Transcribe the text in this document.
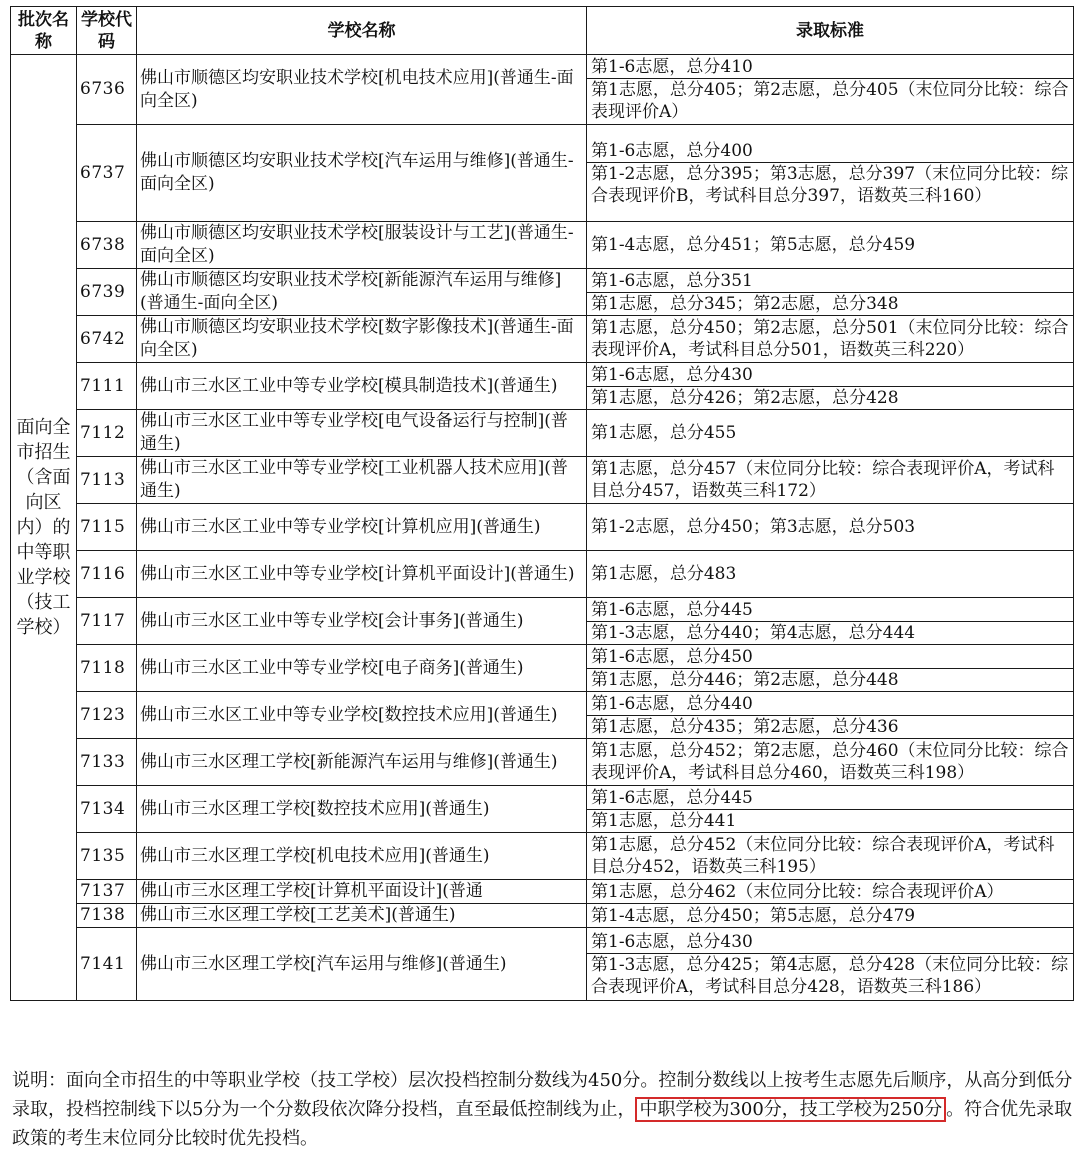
批次名称	学校代码	学校名称	录取标准
面向全市招生（含面向区内）的中等职业学校（技工学校）	6736	佛山市顺德区均安职业技术学校[机电技术应用](普通生-面向全区)	第1-6志愿，总分410
第1志愿，总分405；第2志愿，总分405（末位同分比较：综合表现评价A）

	6737	佛山市顺德区均安职业技术学校[汽车运用与维修](普通生-面向全区)	第1-6志愿，总分400
第1-2志愿，总分395；第3志愿，总分397（末位同分比较：综合表现评价B，考试科目总分397，语数英三科160）

	6738	佛山市顺德区均安职业技术学校[服装设计与工艺](普通生-面向全区)	第1-4志愿，总分451；第5志愿，总分459

	6739	佛山市顺德区均安职业技术学校[新能源汽车运用与维修](普通生-面向全区)	第1-6志愿，总分351
第1志愿，总分345；第2志愿，总分348

	6742	佛山市顺德区均安职业技术学校[数字影像技术](普通生-面向全区)	第1志愿，总分450；第2志愿，总分501（末位同分比较：综合表现评价A，考试科目总分501，语数英三科220）

	7111	佛山市三水区工业中等专业学校[模具制造技术](普通生)	第1-6志愿，总分430
第1志愿，总分426；第2志愿，总分428

	7112	佛山市三水区工业中等专业学校[电气设备运行与控制](普通生)	第1志愿，总分455

	7113	佛山市三水区工业中等专业学校[工业机器人技术应用](普通生)	第1志愿，总分457（末位同分比较：综合表现评价A，考试科目总分457，语数英三科172）

	7115	佛山市三水区工业中等专业学校[计算机应用](普通生)	第1-2志愿，总分450；第3志愿，总分503

	7116	佛山市三水区工业中等专业学校[计算机平面设计](普通生)	第1志愿，总分483

	7117	佛山市三水区工业中等专业学校[会计事务](普通生)	第1-6志愿，总分445
第1-3志愿，总分440；第4志愿，总分444

	7118	佛山市三水区工业中等专业学校[电子商务](普通生)	第1-6志愿，总分450
第1志愿，总分446；第2志愿，总分448

	7123	佛山市三水区工业中等专业学校[数控技术应用](普通生)	第1-6志愿，总分440
第1志愿，总分435；第2志愿，总分436

	7133	佛山市三水区理工学校[新能源汽车运用与维修](普通生)	第1志愿，总分452；第2志愿，总分460（末位同分比较：综合表现评价A，考试科目总分460，语数英三科198）

	7134	佛山市三水区理工学校[数控技术应用](普通生)	第1-6志愿，总分445
第1志愿，总分441

	7135	佛山市三水区理工学校[机电技术应用](普通生)	第1志愿，总分452（末位同分比较：综合表现评价A，考试科目总分452，语数英三科195）

	7137	佛山市三水区理工学校[计算机平面设计](普通	第1志愿，总分462（末位同分比较：综合表现评价A）

	7138	佛山市三水区理工学校[工艺美术](普通生)	第1-4志愿，总分450；第5志愿，总分479

	7141	佛山市三水区理工学校[汽车运用与维修](普通生)	第1-6志愿，总分430
第1-3志愿，总分425；第4志愿，总分428（末位同分比较：综合表现评价A，考试科目总分428，语数英三科186）
说明：面向全市招生的中等职业学校（技工学校）层次投档控制分数线为450分。控制分数线以上按考生志愿先后顺序，从高分到低分录取，投档控制线下以5分为一个分数段依次降分投档，直至最低控制线为止， 中职学校为300分，技工学校为250分 。符合优先录取政策的考生末位同分比较时优先投档。
